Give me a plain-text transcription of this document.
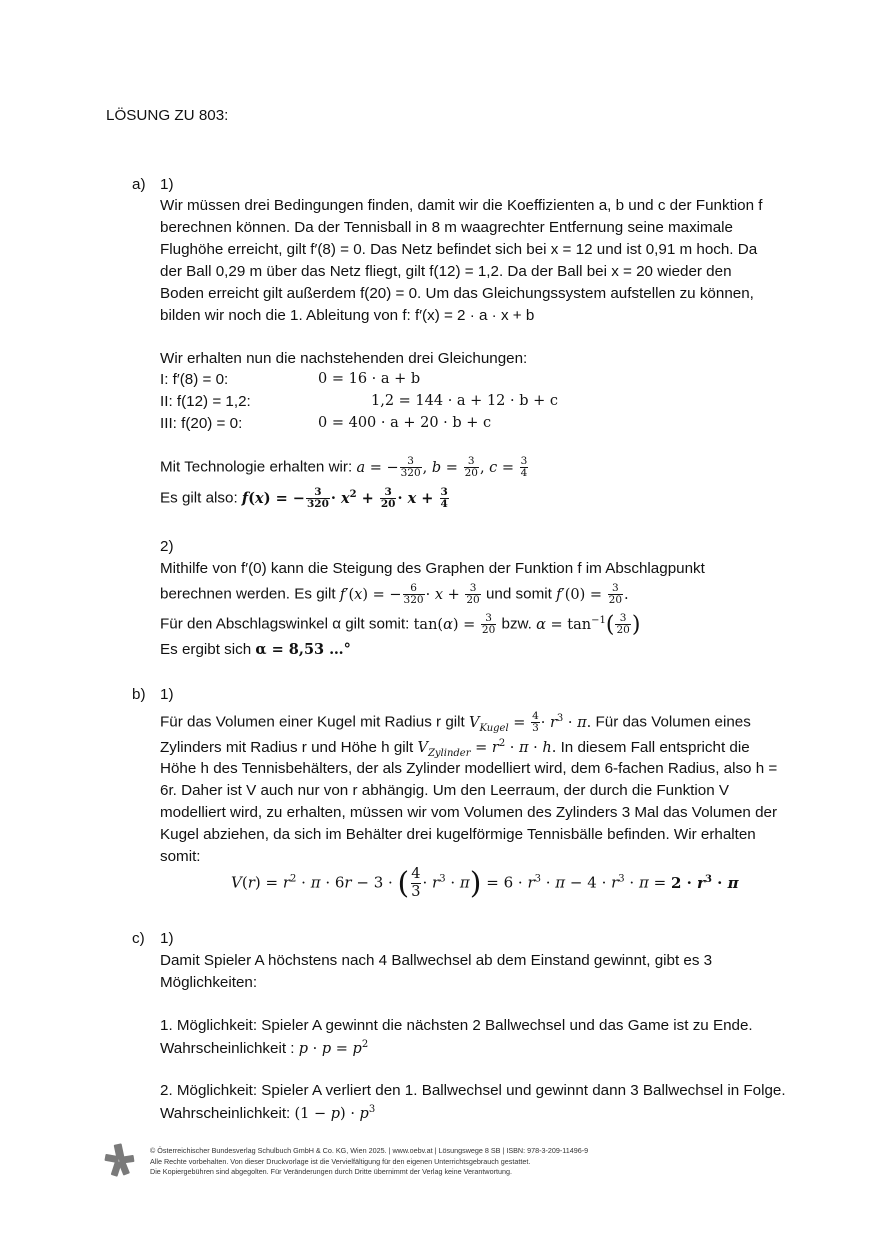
LÖSUNG ZU 803:
a) 1)
Wir müssen drei Bedingungen finden, damit wir die Koeffizienten a, b und c der Funktion f
berechnen können. Da der Tennisball in 8 m waagrechter Entfernung seine maximale
Flughöhe erreicht, gilt f′(8) = 0. Das Netz befindet sich bei x = 12 und ist 0,91 m hoch. Da
der Ball 0,29 m über das Netz fliegt, gilt f(12) = 1,2. Da der Ball bei x = 20 wieder den
Boden erreicht gilt außerdem f(20) = 0. Um das Gleichungssystem aufstellen zu können,
bilden wir noch die 1. Ableitung von f: f′(x) = 2 · a · x + b
Wir erhalten nun die nachstehenden drei Gleichungen:
I: f′(8) = 0:	0 = 16 · a + b
II: f(12) = 1,2:	1,2 = 144 · a + 12 · b + c
III: f(20) = 0:	0 = 400 · a + 20 · b + c
Mit Technologie erhalten wir: a = − $\frac{3}{320}$ , $b = \frac{3}{20}$ , $c = \frac{3}{4}$
Es gilt also: f(x) = − $\frac{3}{320} \cdot x^2 + \frac{3}{20} \cdot x + \frac{3}{4}$
2)
Mithilfe von f′(0) kann die Steigung des Graphen der Funktion f im Abschlagpunkt
berechnen werden. Es gilt f′(x) = − $\frac{6}{320} \cdot x + \frac{3}{20}$ und somit $f'(0) = \frac{3}{20}$ .
Für den Abschlagswinkel α gilt somit: $\tan(\alpha) = \frac{3}{20}$ bzw. $\alpha = \tan^{-1}( \frac{3}{20}$ )
Es ergibt sich α = 8,53 …°
b) 1)
Für das Volumen einer Kugel mit Radius r gilt $V_{Kugel} = \frac{4}{3} \cdot r^3 \cdot \pi$. Für das Volumen eines
Zylinders mit Radius r und Höhe h gilt $V_{Zylinder} = r^2 \cdot \pi \cdot h$. In diesem Fall entspricht die
Höhe h des Tennisbehälters, der als Zylinder modelliert wird, dem 6-fachen Radius, also h =
6r. Daher ist V auch nur von r abhängig. Um den Leerraum, der durch die Funktion V
modelliert wird, zu erhalten, müssen wir vom Volumen des Zylinders 3 Mal das Volumen der
Kugel abziehen, da sich im Behälter drei kugelförmige Tennisbälle befinden. Wir erhalten
somit:
$V(r) = r^2 \cdot \pi \cdot 6r - 3$ · ( $\frac{4}{3} \cdot r^3 \cdot \pi) = 6 \cdot r^3 \cdot \pi - 4 \cdot r^3 \cdot \pi = 2 \cdot r^3 \cdot \pi$
c) 1)
Damit Spieler A höchstens nach 4 Ballwechsel ab dem Einstand gewinnt, gibt es 3
Möglichkeiten:
1. Möglichkeit: Spieler A gewinnt die nächsten 2 Ballwechsel und das Game ist zu Ende.
Wahrscheinlichkeit : $p \cdot p = p^2$
2. Möglichkeit: Spieler A verliert den 1. Ballwechsel und gewinnt dann 3 Ballwechsel in Folge.
Wahrscheinlichkeit: $(1 - p) \cdot p^3$
© Österreichischer Bundesverlag Schulbuch GmbH & Co. KG, Wien 2025. | www.oebv.at | Lösungswege 8 SB | ISBN: 978-3-209-11496-9
Alle Rechte vorbehalten. Von dieser Druckvorlage ist die Vervielfältigung für den eigenen Unterrichtsgebrauch gestattet.
Die Kopiergebühren sind abgegolten. Für Veränderungen durch Dritte übernimmt der Verlag keine Verantwortung.
